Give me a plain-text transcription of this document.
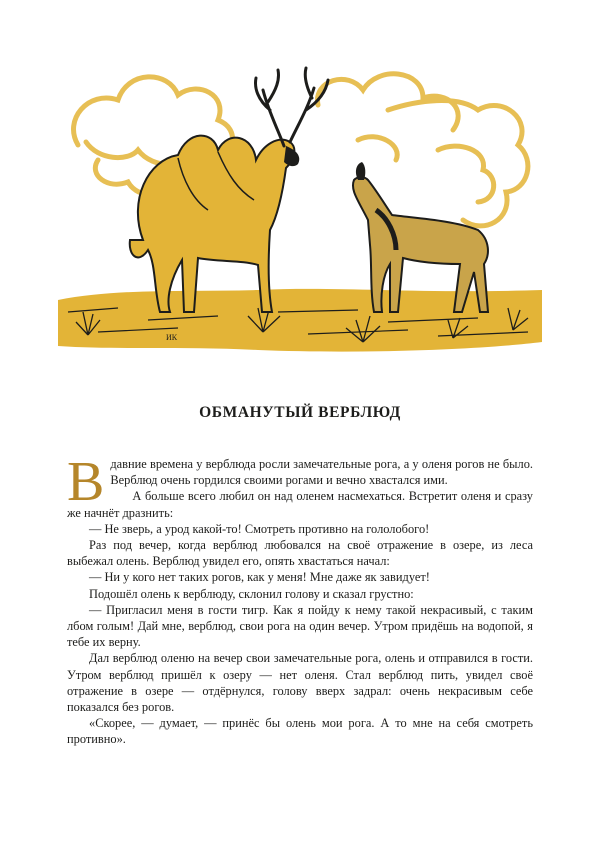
ИК
ОБМАНУТЫЙ ВЕРБЛЮД

Вдавние времена у верблюда росли замечательные рога, а у оленя рогов не было. Верблюд очень гордился своими рогами и вечно хвастался ими.

А больше всего любил он над оленем насмехаться. Встретит оленя и сразу же начнёт дразнить:

— Не зверь, а урод какой-то! Смотреть противно на гололобого!

Раз под вечер, когда верблюд любовался на своё отражение в озере, из леса выбежал олень. Верблюд увидел его, опять хвастаться начал:

— Ни у кого нет таких рогов, как у меня! Мне даже як завидует!

Подошёл олень к верблюду, склонил голову и сказал грустно:

— Пригласил меня в гости тигр. Как я пойду к нему такой некрасивый, с таким лбом голым! Дай мне, верблюд, свои рога на один вечер. Утром придёшь на водопой, я тебе их верну.

Дал верблюд оленю на вечер свои замечательные рога, олень и отправился в гости. Утром верблюд пришёл к озеру — нет оленя. Стал верблюд пить, увидел своё отражение в озере — отдёрнулся, голову вверх задрал: очень некрасивым себе показался без рогов.

«Скорее, — думает, — принёс бы олень мои рога. А то мне на себя смотреть противно».
